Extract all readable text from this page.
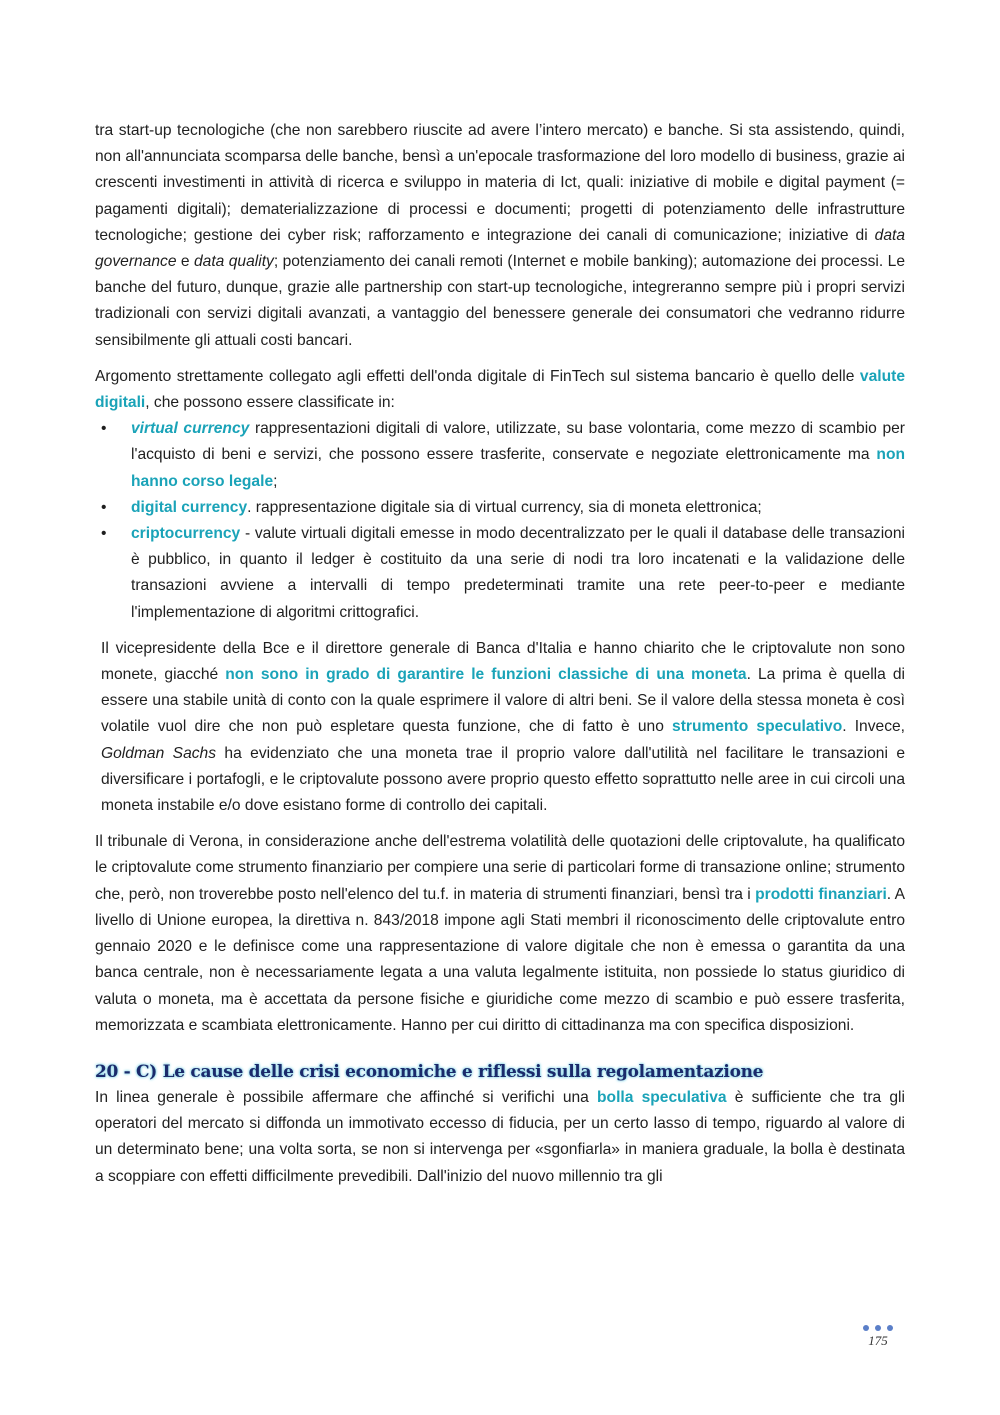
tra start-up tecnologiche (che non sarebbero riuscite ad avere l’intero mercato) e banche. Si sta assistendo, quindi, non all'annunciata scomparsa delle banche, bensì a un'epocale trasformazione del loro modello di business, grazie ai crescenti investimenti in attività di ricerca e sviluppo in materia di Ict, quali: iniziative di mobile e digital payment (= pagamenti digitali); dematerializzazione di processi e documenti; progetti di potenziamento delle infrastrutture tecnologiche; gestione dei cyber risk; rafforzamento e integrazione dei canali di comunicazione; iniziative di data governance e data quality; potenziamento dei canali remoti (Internet e mobile banking); automazione dei processi. Le banche del futuro, dunque, grazie alle partnership con start-up tecnologiche, integreranno sempre più i propri servizi tradizionali con servizi digitali avanzati, a vantaggio del benessere generale dei consumatori che vedranno ridurre sensibilmente gli attuali costi bancari.

Argomento strettamente collegato agli effetti dell'onda digitale di FinTech sul sistema bancario è quello delle valute digitali, che possono essere classificate in:

• virtual currency rappresentazioni digitali di valore, utilizzate, su base volontaria, come mezzo di scambio per l'acquisto di beni e servizi, che possono essere trasferite, conservate e negoziate elettronicamente ma non hanno corso legale;
• digital currency. rappresentazione digitale sia di virtual currency, sia di moneta elettronica;
• criptocurrency - valute virtuali digitali emesse in modo decentralizzato per le quali il database delle transazioni è pubblico, in quanto il ledger è costituito da una serie di nodi tra loro incatenati e la validazione delle transazioni avviene a intervalli di tempo predeterminati tramite una rete peer-to-peer e mediante l'implementazione di algoritmi crittografici.

Il vicepresidente della Bce e il direttore generale di Banca d'Italia e hanno chiarito che le criptovalute non sono monete, giacché non sono in grado di garantire le funzioni classiche di una moneta. La prima è quella di essere una stabile unità di conto con la quale esprimere il valore di altri beni. Se il valore della stessa moneta è così volatile vuol dire che non può espletare questa funzione, che di fatto è uno strumento speculativo. Invece, Goldman Sachs ha evidenziato che una moneta trae il proprio valore dall'utilità nel facilitare le transazioni e diversificare i portafogli, e le criptovalute possono avere proprio questo effetto soprattutto nelle aree in cui circoli una moneta instabile e/o dove esistano forme di controllo dei capitali.

Il tribunale di Verona, in considerazione anche dell'estrema volatilità delle quotazioni delle criptovalute, ha qualificato le criptovalute come strumento finanziario per compiere una serie di particolari forme di transazione online; strumento che, però, non troverebbe posto nell'elenco del tu.f. in materia di strumenti finanziari, bensì tra i prodotti finanziari. A livello di Unione europea, la direttiva n. 843/2018 impone agli Stati membri il riconoscimento delle criptovalute entro gennaio 2020 e le definisce come una rappresentazione di valore digitale che non è emessa o garantita da una banca centrale, non è necessariamente legata a una valuta legalmente istituita, non possiede lo status giuridico di valuta o moneta, ma è accettata da persone fisiche e giuridiche come mezzo di scambio e può essere trasferita, memorizzata e scambiata elettronicamente. Hanno per cui diritto di cittadinanza ma con specifica disposizioni.

20 - C) Le cause delle crisi economiche e riflessi sulla regolamentazione

In linea generale è possibile affermare che affinché si verifichi una bolla speculativa è sufficiente che tra gli operatori del mercato si diffonda un immotivato eccesso di fiducia, per un certo lasso di tempo, riguardo al valore di un determinato bene; una volta sorta, se non si intervenga per «sgonfiarla» in maniera graduale, la bolla è destinata a scoppiare con effetti difficilmente prevedibili. Dall'inizio del nuovo millennio tra gli

175
